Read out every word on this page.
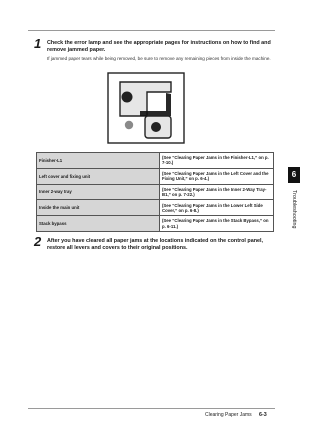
1 Check the error lamp and see the appropriate pages for instructions on how to find and remove jammed paper.
If jammed paper tears while being removed, be sure to remove any remaining pieces from inside the machine.
Finisher-L1	(See “Clearing Paper Jams in the Finisher-L1,” on p. 7-10.)
Left cover and fixing unit	(See “Clearing Paper Jams in the Left Cover and the Fixing Unit,” on p. 6-4.)
Inner 2-way tray	(See “Clearing Paper Jams in the Inner 2-Way Tray-B1,” on p. 7-22.)
Inside the main unit	(See “Clearing Paper Jams in the Lower Left Side Cover,” on p. 6-8.)
Stack bypass	(See “Clearing Paper Jams in the Stack Bypass,” on p. 6-11.)
2 After you have cleared all paper jams at the locations indicated on the control panel, restore all levers and covers to their original positions.
6
Troubleshooting
Clearing Paper Jams 6-3
